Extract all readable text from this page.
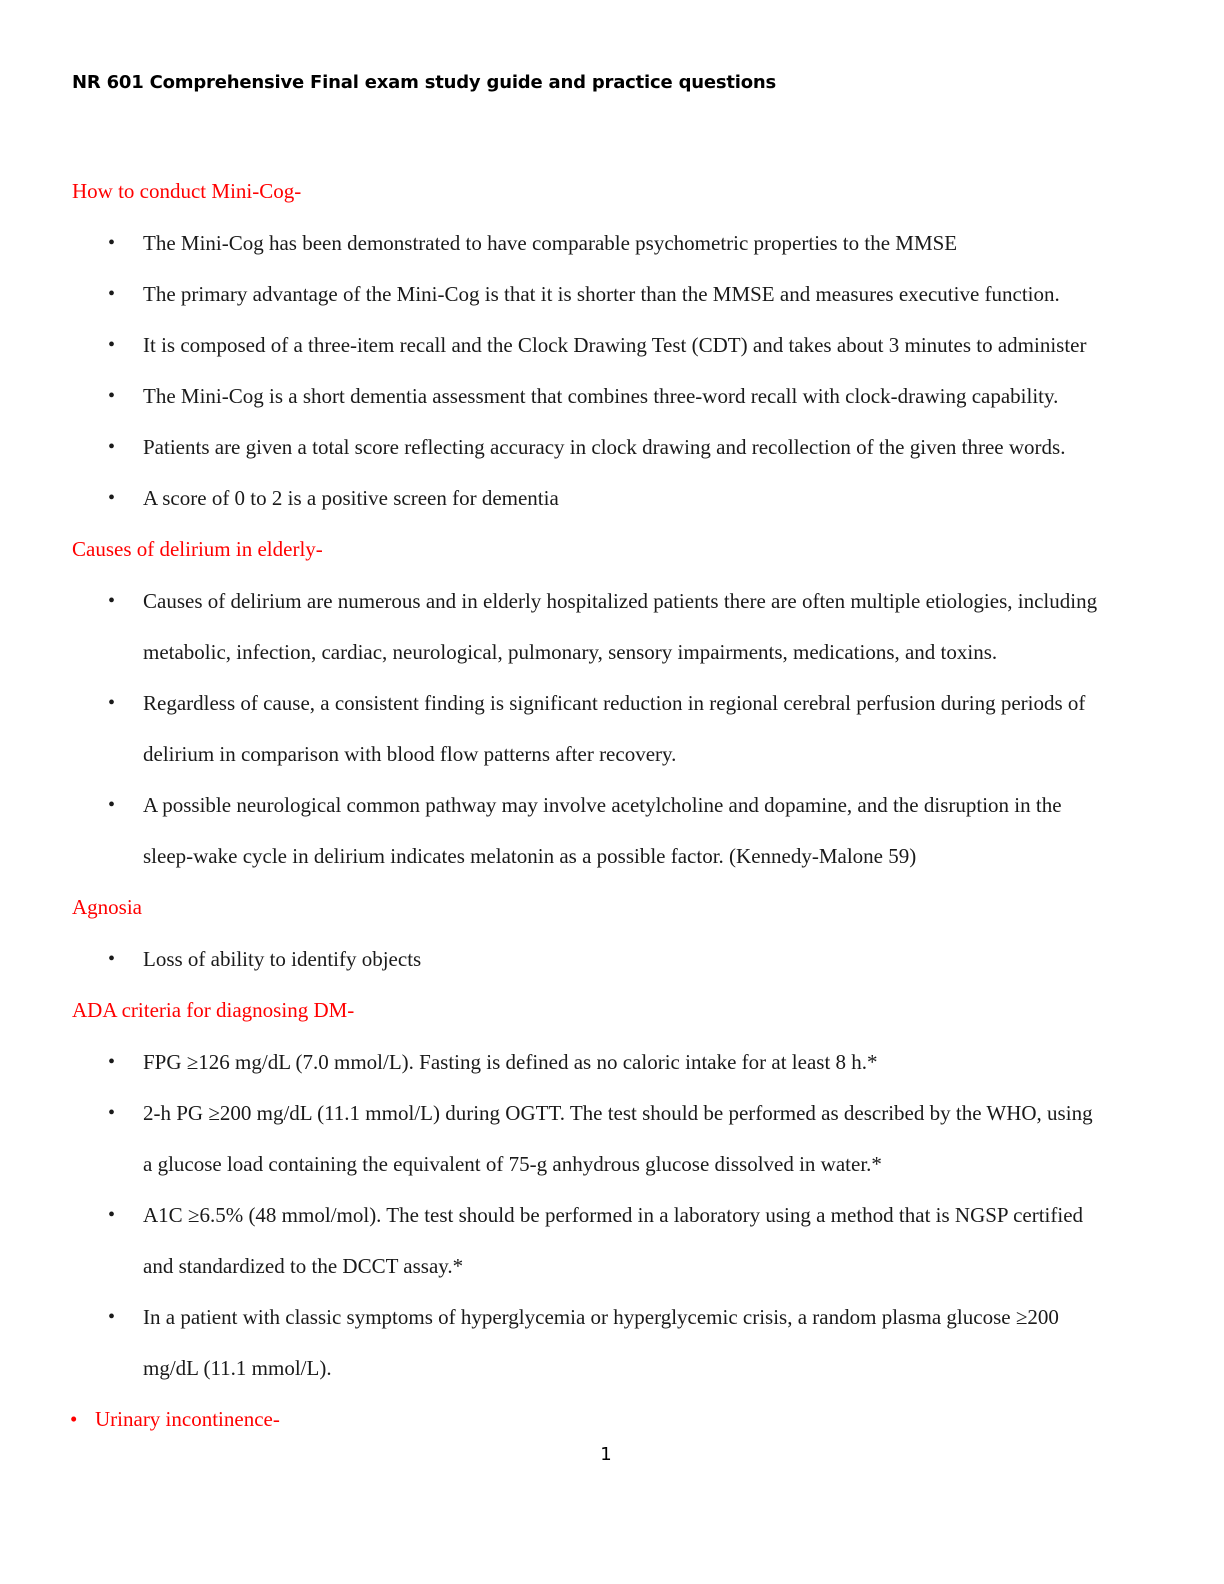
NR 601 Comprehensive Final exam study guide and practice questions
How to conduct Mini-Cog-
• The Mini-Cog has been demonstrated to have comparable psychometric properties to the MMSE
• The primary advantage of the Mini-Cog is that it is shorter than the MMSE and measures executive function.
• It is composed of a three-item recall and the Clock Drawing Test (CDT) and takes about 3 minutes to administer
• The Mini-Cog is a short dementia assessment that combines three-word recall with clock-drawing capability.
• Patients are given a total score reflecting accuracy in clock drawing and recollection of the given three words.
• A score of 0 to 2 is a positive screen for dementia
Causes of delirium in elderly-
• Causes of delirium are numerous and in elderly hospitalized patients there are often multiple etiologies, including
metabolic, infection, cardiac, neurological, pulmonary, sensory impairments, medications, and toxins.
• Regardless of cause, a consistent finding is significant reduction in regional cerebral perfusion during periods of
delirium in comparison with blood flow patterns after recovery.
• A possible neurological common pathway may involve acetylcholine and dopamine, and the disruption in the
sleep-wake cycle in delirium indicates melatonin as a possible factor. (Kennedy-Malone 59)
Agnosia
• Loss of ability to identify objects
ADA criteria for diagnosing DM-
• FPG ≥126 mg/dL (7.0 mmol/L). Fasting is defined as no caloric intake for at least 8 h.*
• 2-h PG ≥200 mg/dL (11.1 mmol/L) during OGTT. The test should be performed as described by the WHO, using
a glucose load containing the equivalent of 75-g anhydrous glucose dissolved in water.*
• A1C ≥6.5% (48 mmol/mol). The test should be performed in a laboratory using a method that is NGSP certified
and standardized to the DCCT assay.*
• In a patient with classic symptoms of hyperglycemia or hyperglycemic crisis, a random plasma glucose ≥200
mg/dL (11.1 mmol/L).
• Urinary incontinence-
1
